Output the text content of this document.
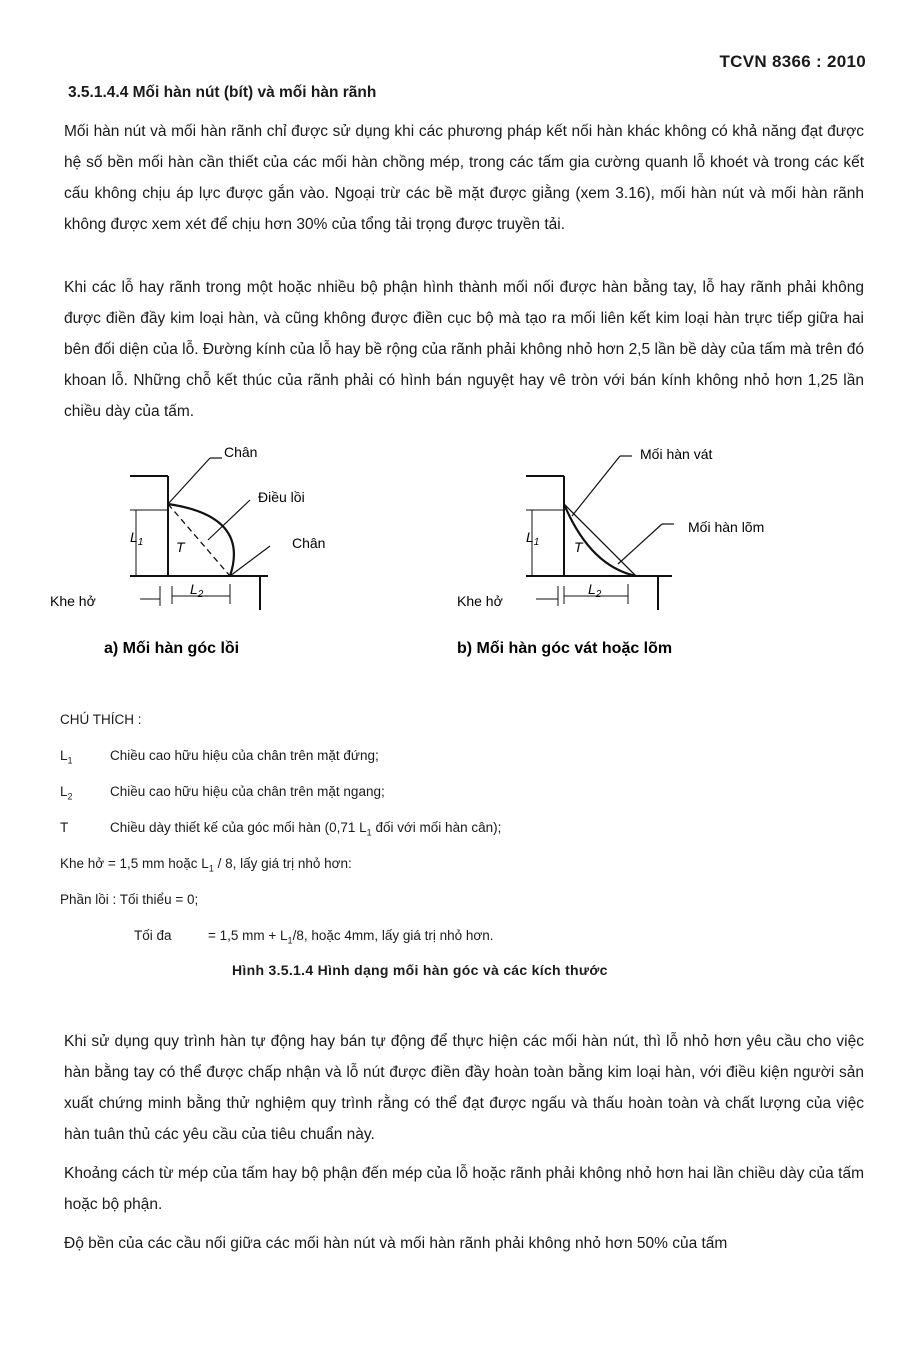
TCVN 8366 : 2010
3.5.1.4.4 Mối hàn nút (bít) và mối hàn rãnh

Mối hàn nút và mối hàn rãnh chỉ được sử dụng khi các phương pháp kết nối hàn khác không có khả năng đạt được hệ số bền mối hàn cần thiết của các mối hàn chồng mép, trong các tấm gia cường quanh lỗ khoét và trong các kết cấu không chịu áp lực được gắn vào. Ngoại trừ các bề mặt được giằng (xem 3.16), mối hàn nút và mối hàn rãnh không được xem xét để chịu hơn 30% của tổng tải trọng được truyền tải.

Khi các lỗ hay rãnh trong một hoặc nhiều bộ phận hình thành mối nối được hàn bằng tay, lỗ hay rãnh phải không được điền đầy kim loại hàn, và cũng không được điền cục bộ mà tạo ra mối liên kết kim loại hàn trực tiếp giữa hai bên đối diện của lỗ. Đường kính của lỗ hay bề rộng của rãnh phải không nhỏ hơn 2,5 lần bề dày của tấm mà trên đó khoan lỗ. Những chỗ kết thúc của rãnh phải có hình bán nguyệt hay vê tròn với bán kính không nhỏ hơn 1,25 lần chiều dày của tấm.

Chân
Điều lồi
Chân
Khe hở
$L_1$
$L_2$
T
a) Mối hàn góc lồi
Mối hàn vát
Mối hàn lõm
Khe hở
$L_1$
$L_2$
T
b) Mối hàn góc vát hoặc lõm
CHÚ THÍCH :
$L_1$	Chiều cao hữu hiệu của chân trên mặt đứng;
$L_2$	Chiều cao hữu hiệu của chân trên mặt ngang;
T	Chiều dày thiết kế của góc mối hàn (0,71 $L_1$ đối với mối hàn cân);
Khe hở = 1,5 mm hoặc $L_1 / 8$, lấy giá trị nhỏ hơn:
Phần lồi : Tối thiểu = 0;
Tối đa	= 1,5 mm + $L_1/8$, hoặc 4mm, lấy giá trị nhỏ hơn.
Hình 3.5.1.4 Hình dạng mối hàn góc và các kích thước

Khi sử dụng quy trình hàn tự động hay bán tự động để thực hiện các mối hàn nút, thì lỗ nhỏ hơn yêu cầu cho việc hàn bằng tay có thể được chấp nhận và lỗ nút được điền đầy hoàn toàn bằng kim loại hàn, với điều kiện người sản xuất chứng minh bằng thử nghiệm quy trình rằng có thể đạt được ngấu và thấu hoàn toàn và chất lượng của việc hàn tuân thủ các yêu cầu của tiêu chuẩn này.

Khoảng cách từ mép của tấm hay bộ phận đến mép của lỗ hoặc rãnh phải không nhỏ hơn hai lần chiều dày của tấm hoặc bộ phận.

Độ bền của các cầu nối giữa các mối hàn nút và mối hàn rãnh phải không nhỏ hơn 50% của tấm
